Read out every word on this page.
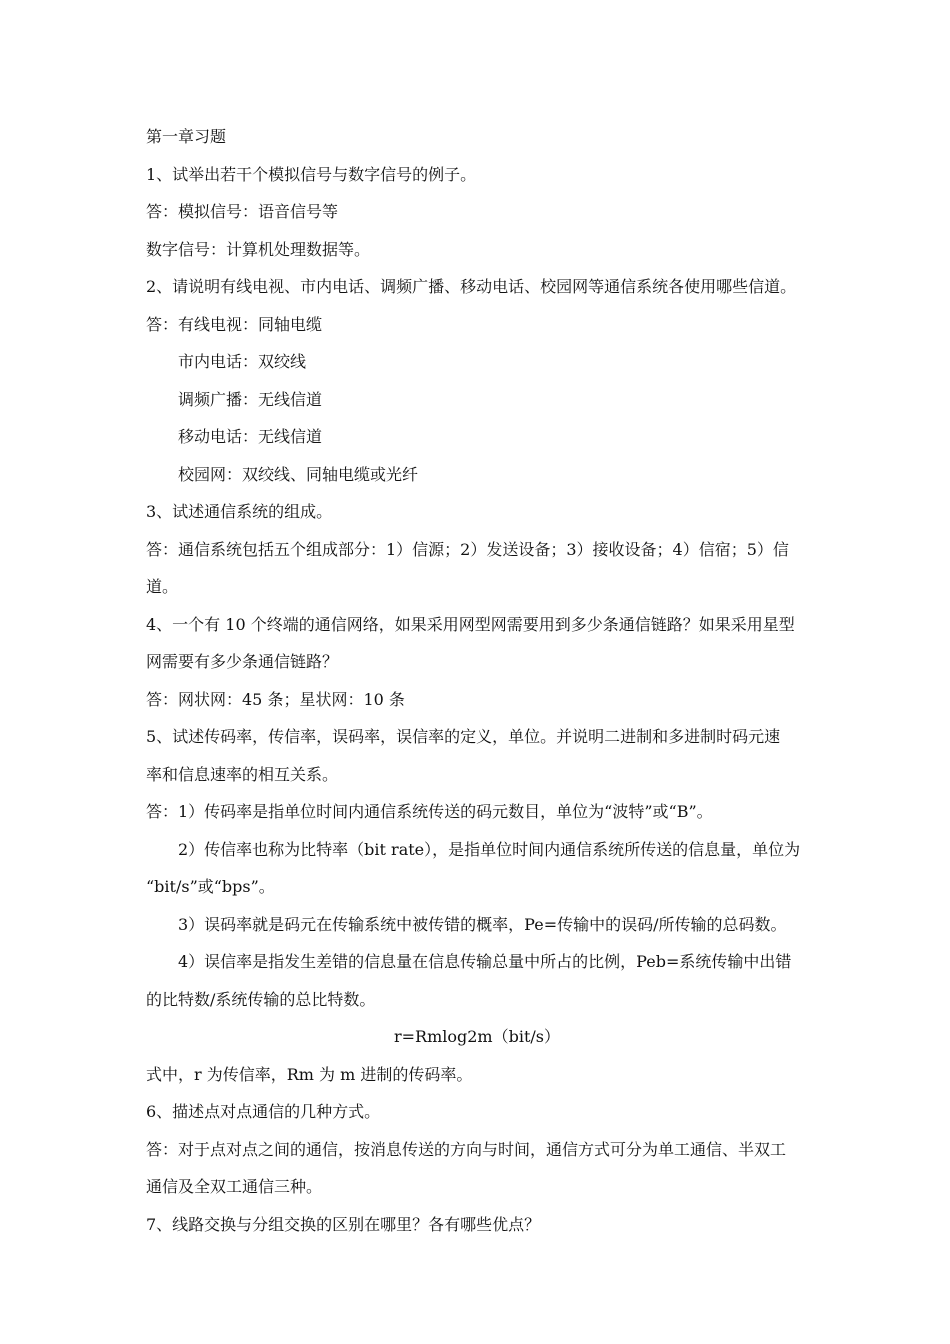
第一章习题
1、试举出若干个模拟信号与数字信号的例子。
答：模拟信号：语音信号等
数字信号：计算机处理数据等。
2、请说明有线电视、市内电话、调频广播、移动电话、校园网等通信系统各使用哪些信道。
答：有线电视：同轴电缆
市内电话：双绞线
调频广播：无线信道
移动电话：无线信道
校园网：双绞线、同轴电缆或光纤
3、试述通信系统的组成。
答：通信系统包括五个组成部分：1）信源；2）发送设备；3）接收设备；4）信宿；5）信
道。
4、一个有 10 个终端的通信网络，如果采用网型网需要用到多少条通信链路？如果采用星型
网需要有多少条通信链路？
答：网状网：45 条；星状网：10 条
5、试述传码率，传信率，误码率，误信率的定义，单位。并说明二进制和多进制时码元速
率和信息速率的相互关系。
答：1）传码率是指单位时间内通信系统传送的码元数目，单位为“波特”或“B”。
2）传信率也称为比特率（bit rate），是指单位时间内通信系统所传送的信息量，单位为
“bit/s”或“bps”。
3）误码率就是码元在传输系统中被传错的概率，Pe=传输中的误码/所传输的总码数。
4）误信率是指发生差错的信息量在信息传输总量中所占的比例，Peb=系统传输中出错
的比特数/系统传输的总比特数。
r=Rmlog2m（bit/s）
式中，r 为传信率，Rm 为 m 进制的传码率。
6、描述点对点通信的几种方式。
答：对于点对点之间的通信，按消息传送的方向与时间，通信方式可分为单工通信、半双工
通信及全双工通信三种。
7、线路交换与分组交换的区别在哪里？各有哪些优点？
